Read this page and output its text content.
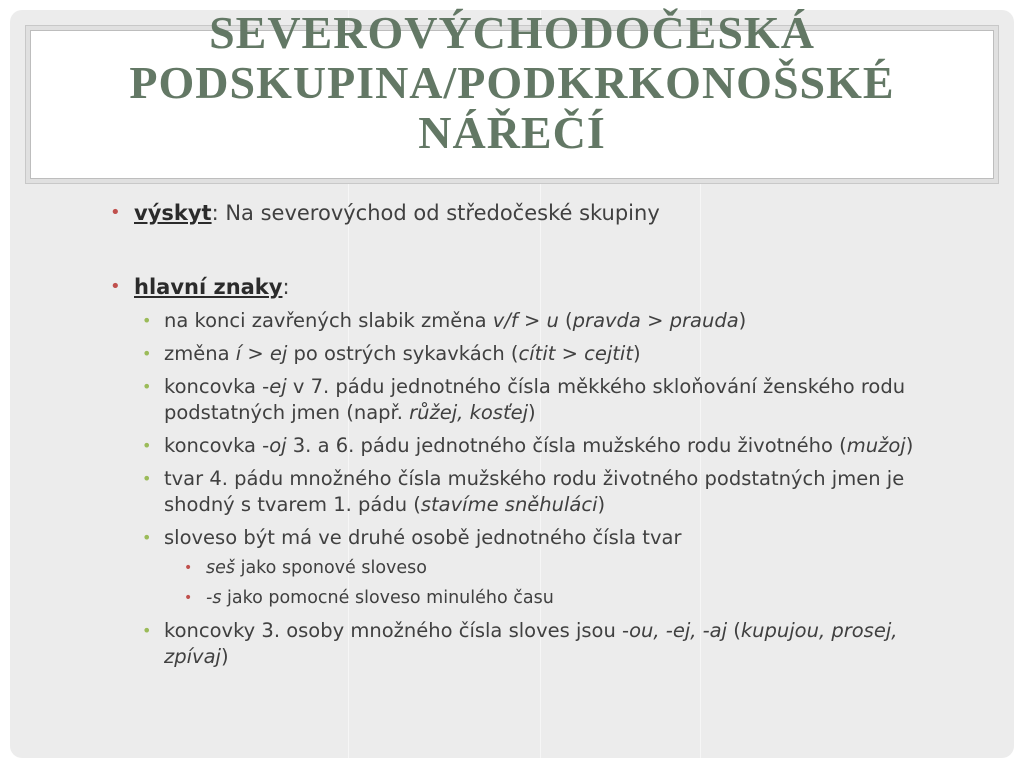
SEVEROVÝCHODOČESKÁ
PODSKUPINA/PODKRKONOŠSKÉ
NÁŘEČÍ
• výskyt: Na severovýchod od středočeské skupiny
• hlavní znaky:
• na konci zavřených slabik změna v/f > u (pravda > prauda)
• změna í > ej po ostrých sykavkách (cítit > cejtit)
• koncovka -ej v 7. pádu jednotného čísla měkkého skloňování ženského rodu podstatných jmen (např. růžej, kosťej)
• koncovka -oj 3. a 6. pádu jednotného čísla mužského rodu životného (mužoj)
• tvar 4. pádu množného čísla mužského rodu životného podstatných jmen je shodný s tvarem 1. pádu (stavíme sněhuláci)
• sloveso být má ve druhé osobě jednotného čísla tvar
• seš jako sponové sloveso
• -s jako pomocné sloveso minulého času
• koncovky 3. osoby množného čísla sloves jsou -ou, -ej, -aj (kupujou, prosej, zpívaj)
